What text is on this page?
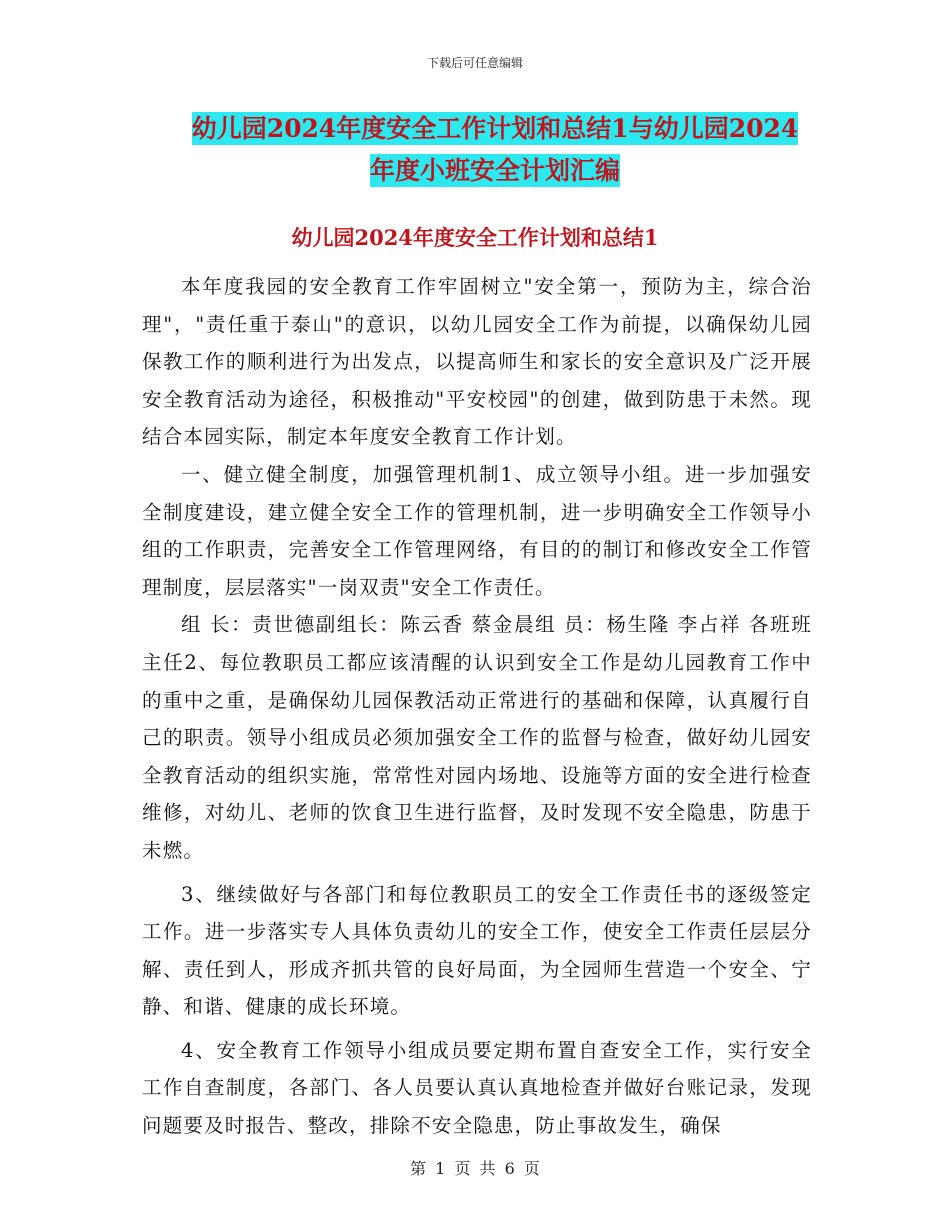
下载后可任意编辑
幼儿园2024年度安全工作计划和总结1与幼儿园2024
年度小班安全计划汇编
幼儿园2024年度安全工作计划和总结1

本年度我园的安全教育工作牢固树立"安全第一，预防为主，综合治理"，"责任重于泰山"的意识，以幼儿园安全工作为前提，以确保幼儿园保教工作的顺利进行为出发点，以提高师生和家长的安全意识及广泛开展安全教育活动为途径，积极推动"平安校园"的创建，做到防患于未然。现结合本园实际，制定本年度安全教育工作计划。

一、健立健全制度，加强管理机制1、成立领导小组。进一步加强安全制度建设，建立健全安全工作的管理机制，进一步明确安全工作领导小组的工作职责，完善安全工作管理网络，有目的的制订和修改安全工作管理制度，层层落实"一岗双责"安全工作责任。

组 长：责世德副组长：陈云香 蔡金晨组 员：杨生隆 李占祥 各班班主任2、每位教职员工都应该清醒的认识到安全工作是幼儿园教育工作中的重中之重，是确保幼儿园保教活动正常进行的基础和保障，认真履行自己的职责。领导小组成员必须加强安全工作的监督与检查，做好幼儿园安全教育活动的组织实施，常常性对园内场地、设施等方面的安全进行检查维修，对幼儿、老师的饮食卫生进行监督，及时发现不安全隐患，防患于未燃。

3、继续做好与各部门和每位教职员工的安全工作责任书的逐级签定工作。进一步落实专人具体负责幼儿的安全工作，使安全工作责任层层分解、责任到人，形成齐抓共管的良好局面，为全园师生营造一个安全、宁静、和谐、健康的成长环境。

4、安全教育工作领导小组成员要定期布置自查安全工作，实行安全工作自查制度，各部门、各人员要认真认真地检查并做好台账记录，发现问题要及时报告、整改，排除不安全隐患，防止事故发生，确保

第 1 页 共 6 页
